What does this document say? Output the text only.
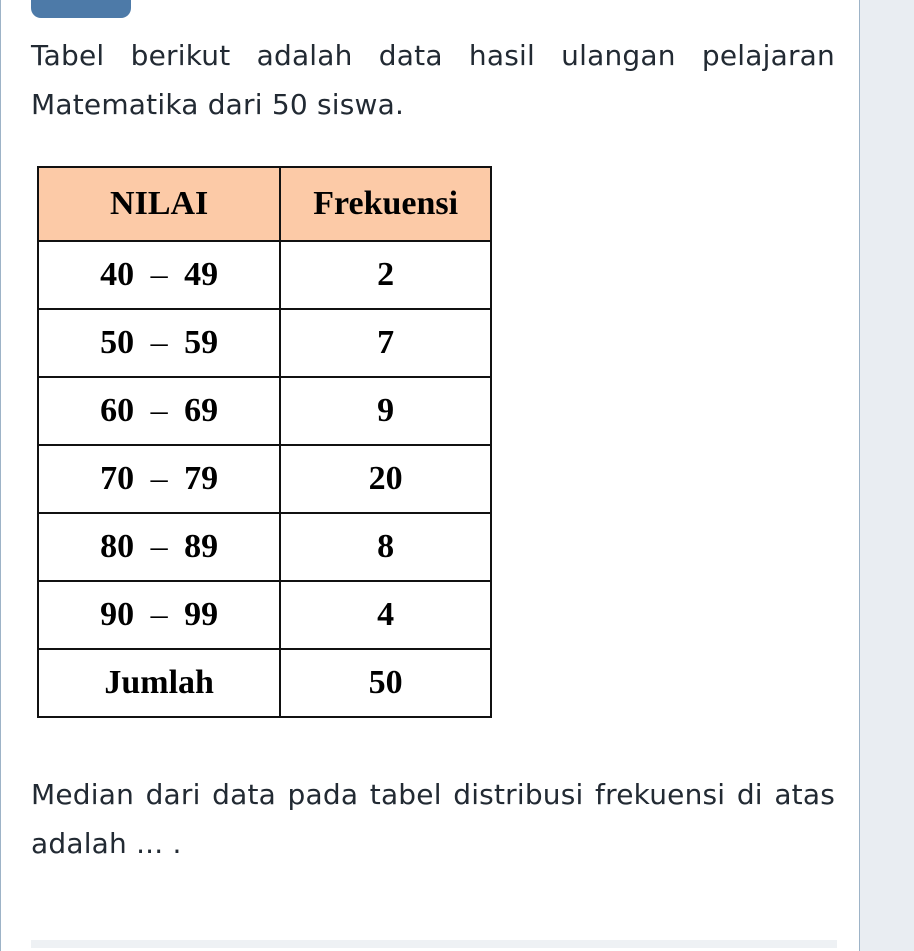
Tabel berikut adalah data hasil ulangan pelajaran Matematika dari 50 siswa.

NILAI	Frekuensi
40 – 49	2
50 – 59	7
60 – 69	9
70 – 79	20
80 – 89	8
90 – 99	4
Jumlah	50

Median dari data pada tabel distribusi frekuensi di atas adalah ... .
